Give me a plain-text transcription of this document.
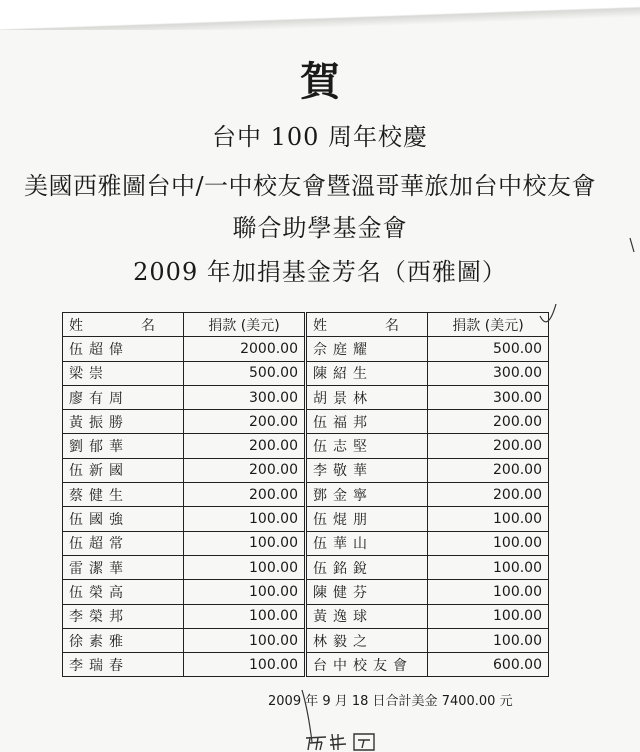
賀
台中 100 周年校慶
美國西雅圖台中/一中校友會暨溫哥華旅加台中校友會
聯合助學基金會
2009 年加捐基金芳名（西雅圖）
姓　名	捐款 (美元)	姓　名	捐款 (美元)
伍超偉	2000.00	佘庭耀	500.00
梁崇	500.00	陳紹生	300.00
廖有周	300.00	胡景林	300.00
黃振勝	200.00	伍福邦	200.00
劉郁華	200.00	伍志堅	200.00
伍新國	200.00	李敬華	200.00
蔡健生	200.00	鄧金寧	200.00
伍國強	100.00	伍焜朋	100.00
伍超常	100.00	伍華山	100.00
雷潔華	100.00	伍銘銳	100.00
伍榮高	100.00	陳健芬	100.00
李榮邦	100.00	黃逸球	100.00
徐素雅	100.00	林毅之	100.00
李瑞春	100.00	台中校友會	600.00
2009 年 9 月 18 日合計美金 7400.00 元
